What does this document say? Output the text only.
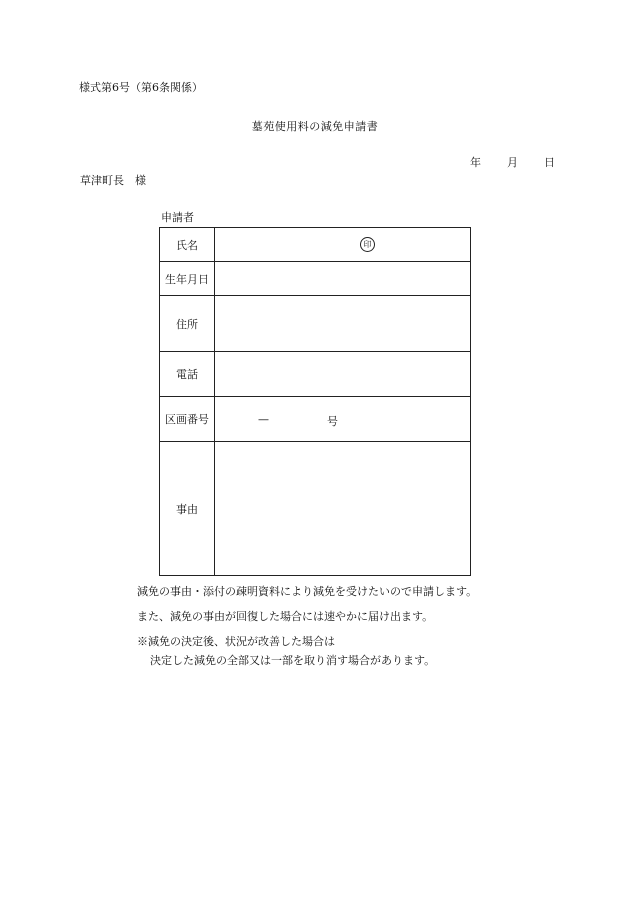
様式第6号（第6条関係）
墓苑使用料の減免申請書
年 月 日
草津町長　様
申請者
氏名	印

生年月日	
住所	
電話	
区画番号	— 号

事由	
減免の事由・添付の疎明資料により減免を受けたいので申請します。
また、減免の事由が回復した場合には速やかに届け出ます。
※減免の決定後、状況が改善した場合は
決定した減免の全部又は一部を取り消す場合があります。
